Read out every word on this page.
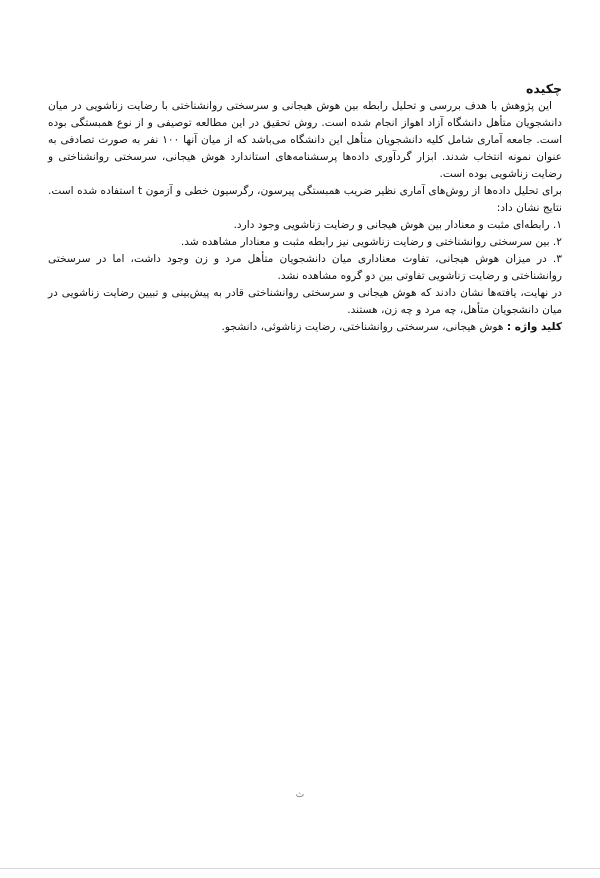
چکیده

این پژوهش با هدف بررسی و تحلیل رابطه بین هوش هیجانی و سرسختی روانشناختی با رضایت زناشویی در میان دانشجویان متأهل دانشگاه آزاد اهواز انجام شده است. روش تحقیق در این مطالعه توصیفی و از نوع همبستگی بوده است. جامعه آماری شامل کلیه دانشجویان متأهل این دانشگاه می‌باشد که از میان آنها ۱۰۰ نفر به صورت تصادفی به عنوان نمونه انتخاب شدند. ابزار گردآوری داده‌ها پرسشنامه‌های استاندارد هوش هیجانی، سرسختی روانشناختی و رضایت زناشویی بوده است.

برای تحلیل داده‌ها از روش‌های آماری نظیر ضریب همبستگی پیرسون، رگرسیون خطی و آزمون t استفاده شده است. نتایج نشان داد:

۱. رابطه‌ای مثبت و معنادار بین هوش هیجانی و رضایت زناشویی وجود دارد.

۲. بین سرسختی روانشناختی و رضایت زناشویی نیز رابطه مثبت و معنادار مشاهده شد.

۳. در میزان هوش هیجانی، تفاوت معناداری میان دانشجویان متأهل مرد و زن وجود داشت، اما در سرسختی روانشناختی و رضایت زناشویی تفاوتی بین دو گروه مشاهده نشد.

در نهایت، یافته‌ها نشان دادند که هوش هیجانی و سرسختی روانشناختی قادر به پیش‌بینی و تبیین رضایت زناشویی در میان دانشجویان متأهل، چه مرد و چه زن، هستند.

کلید واژه : هوش هیجانی، سرسختی روانشناختی، رضایت زناشوئی، دانشجو.

ث
